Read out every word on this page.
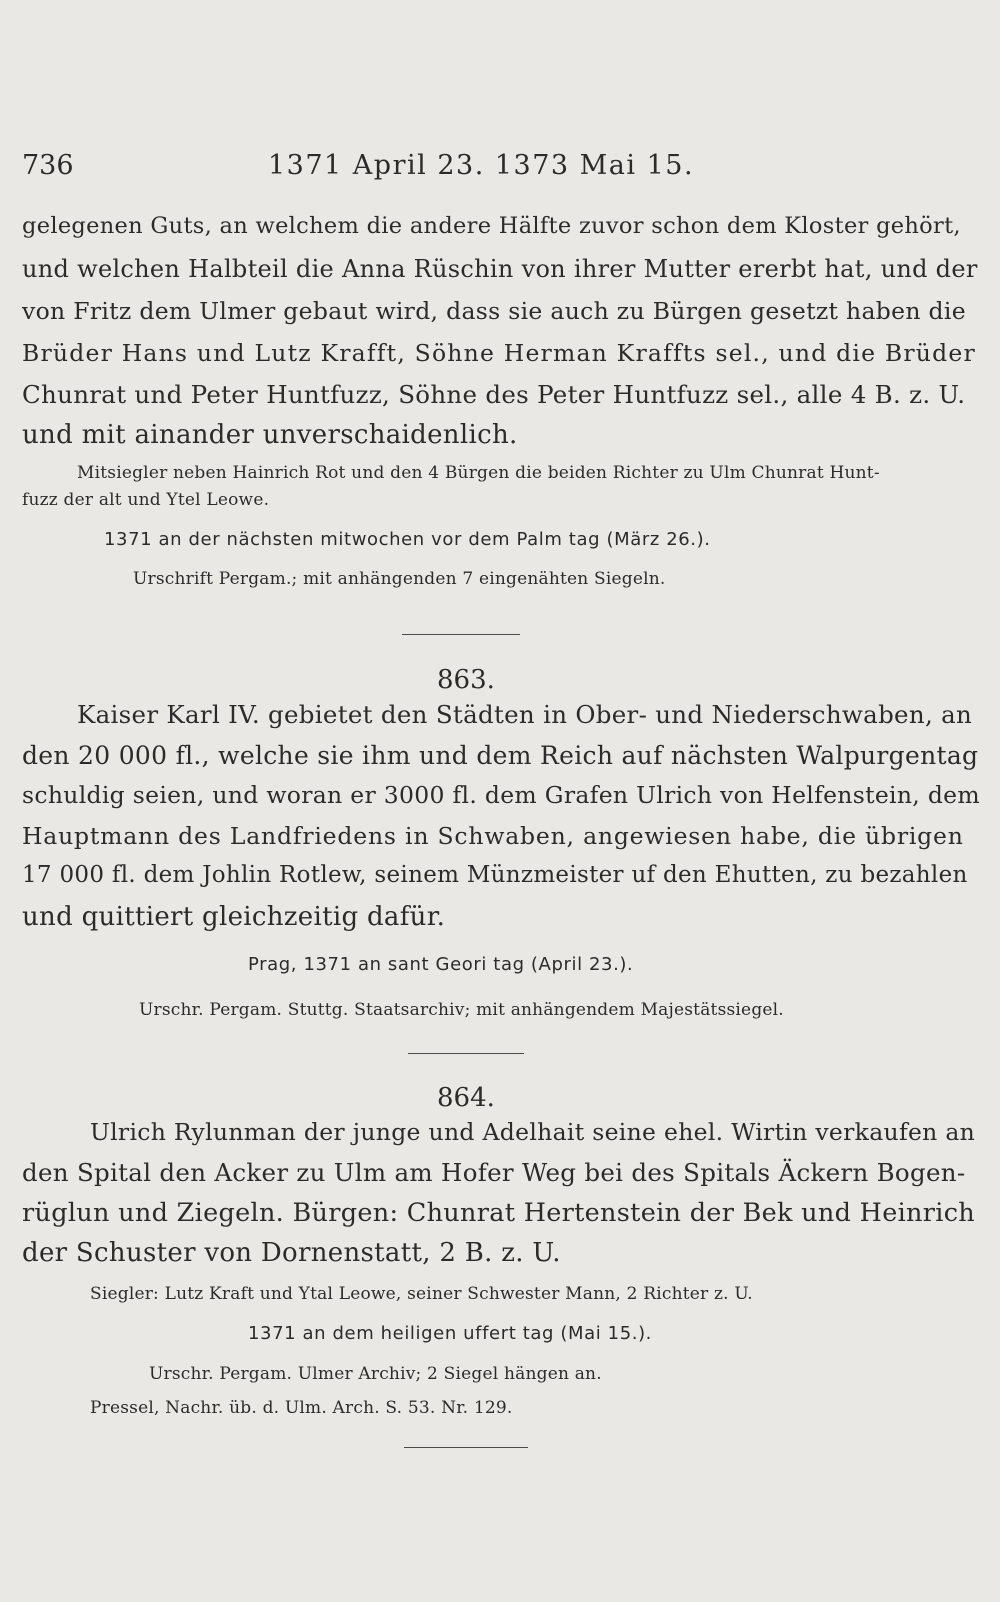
736	1371 April 23. 1373 Mai 15.
gelegenen Guts, an welchem die andere Hälfte zuvor schon dem Kloster gehört,
und welchen Halbteil die Anna Rüschin von ihrer Mutter ererbt hat, und der
von Fritz dem Ulmer gebaut wird, dass sie auch zu Bürgen gesetzt haben die
Brüder Hans und Lutz Krafft, Söhne Herman Kraffts sel., und die Brüder
Chunrat und Peter Huntfuzz, Söhne des Peter Huntfuzz sel., alle 4 B. z. U.
und mit ainander unverschaidenlich.
Mitsiegler neben Hainrich Rot und den 4 Bürgen die beiden Richter zu Ulm Chunrat Hunt-
fuzz der alt und Ytel Leowe.
1371 an der nächsten mitwochen vor dem Palm tag (März 26.).
Urschrift Pergam.; mit anhängenden 7 eingenähten Siegeln.
863.
Kaiser Karl IV. gebietet den Städten in Ober- und Niederschwaben, an
den 20 000 fl., welche sie ihm und dem Reich auf nächsten Walpurgentag
schuldig seien, und woran er 3000 fl. dem Grafen Ulrich von Helfenstein, dem
Hauptmann des Landfriedens in Schwaben, angewiesen habe, die übrigen
17 000 fl. dem Johlin Rotlew, seinem Münzmeister uf den Ehutten, zu bezahlen
und quittiert gleichzeitig dafür.
Prag, 1371 an sant Geori tag (April 23.).
Urschr. Pergam. Stuttg. Staatsarchiv; mit anhängendem Majestätssiegel.
864.
Ulrich Rylunman der junge und Adelhait seine ehel. Wirtin verkaufen an
den Spital den Acker zu Ulm am Hofer Weg bei des Spitals Äckern Bogen-
rüglun und Ziegeln. Bürgen: Chunrat Hertenstein der Bek und Heinrich
der Schuster von Dornenstatt, 2 B. z. U.
Siegler: Lutz Kraft und Ytal Leowe, seiner Schwester Mann, 2 Richter z. U.
1371 an dem heiligen uffert tag (Mai 15.).
Urschr. Pergam. Ulmer Archiv; 2 Siegel hängen an.
Pressel, Nachr. üb. d. Ulm. Arch. S. 53. Nr. 129.
